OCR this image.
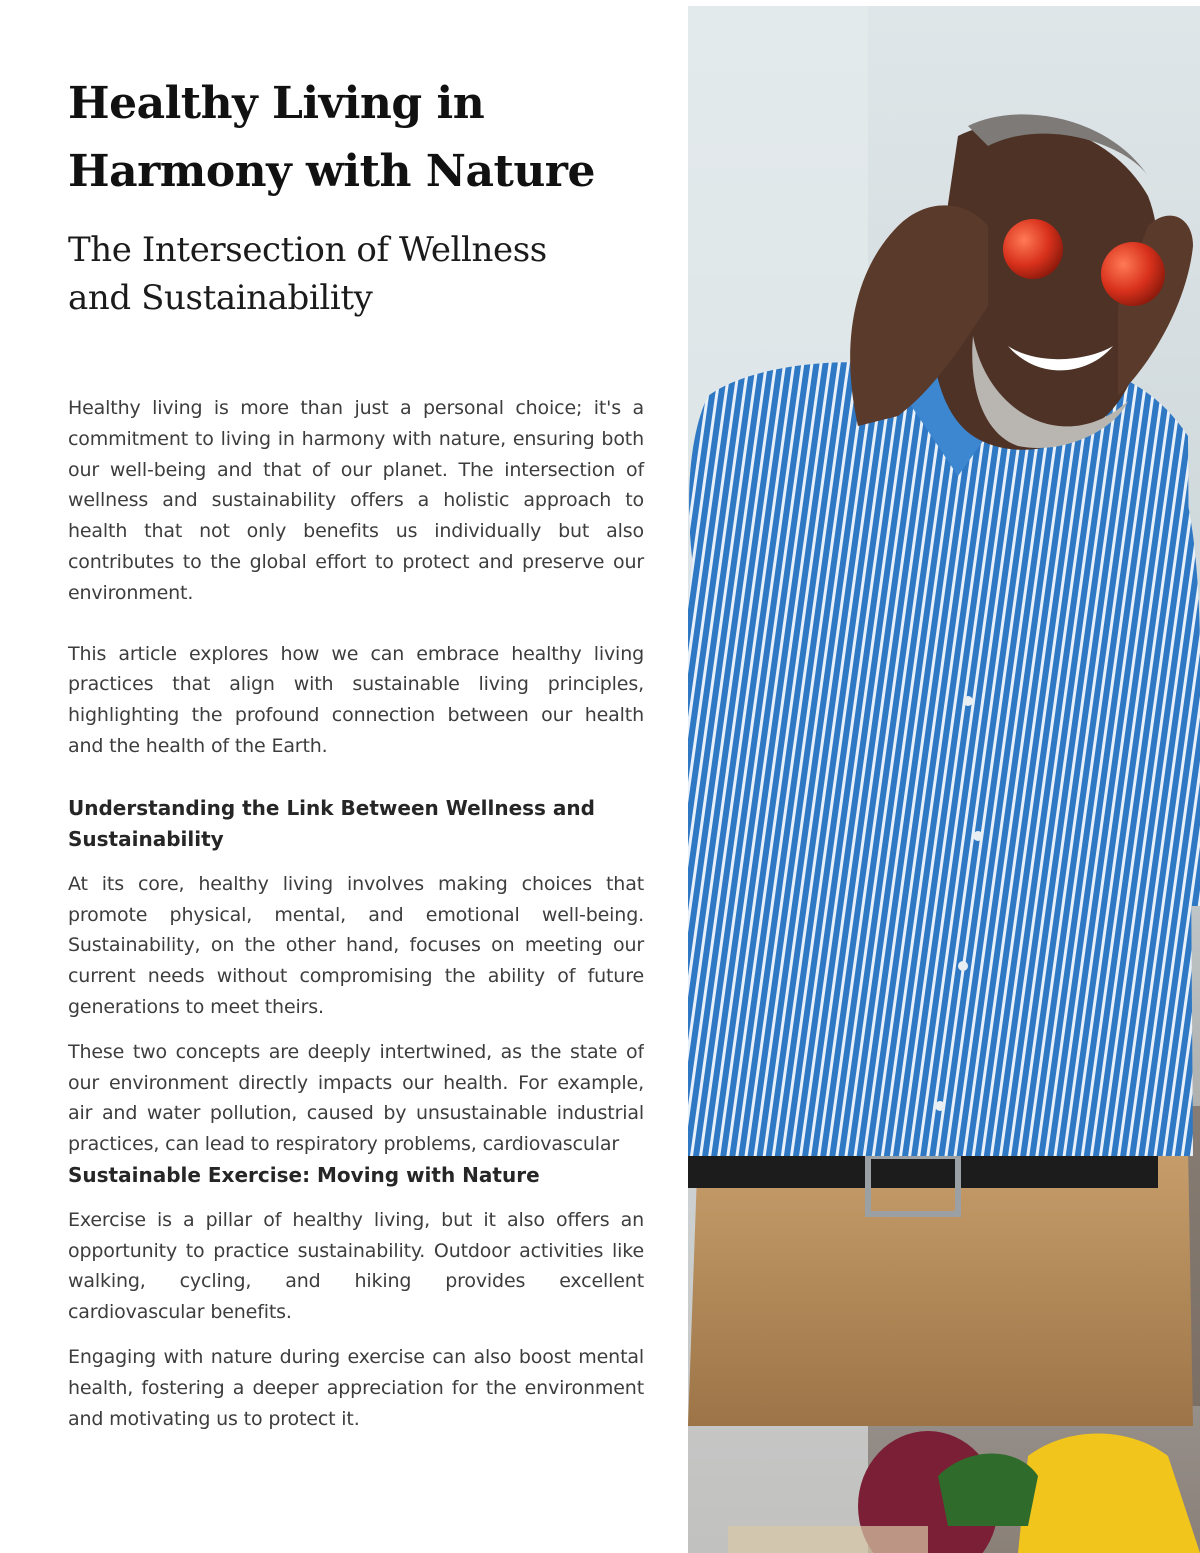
Healthy Living in
Harmony with Nature
The Intersection of Wellness
and Sustainability

Healthy living is more than just a personal choice; it's a commitment to living in harmony with nature, ensuring both our well-being and that of our planet. The intersection of wellness and sustainability offers a holistic approach to health that not only benefits us individually but also contributes to the global effort to protect and preserve our environment.

This article explores how we can embrace healthy living practices that align with sustainable living principles, highlighting the profound connection between our health and the health of the Earth.

Understanding the Link Between Wellness and Sustainability

At its core, healthy living involves making choices that promote physical, mental, and emotional well-being. Sustainability, on the other hand, focuses on meeting our current needs without compromising the ability of future generations to meet theirs.

These two concepts are deeply intertwined, as the state of our environment directly impacts our health. For example, air and water pollution, caused by unsustainable industrial practices, can lead to respiratory problems, cardiovascular

Sustainable Exercise: Moving with Nature

Exercise is a pillar of healthy living, but it also offers an opportunity to practice sustainability. Outdoor activities like walking, cycling, and hiking provides excellent cardiovascular benefits.

Engaging with nature during exercise can also boost mental health, fostering a deeper appreciation for the environment and motivating us to protect it.
